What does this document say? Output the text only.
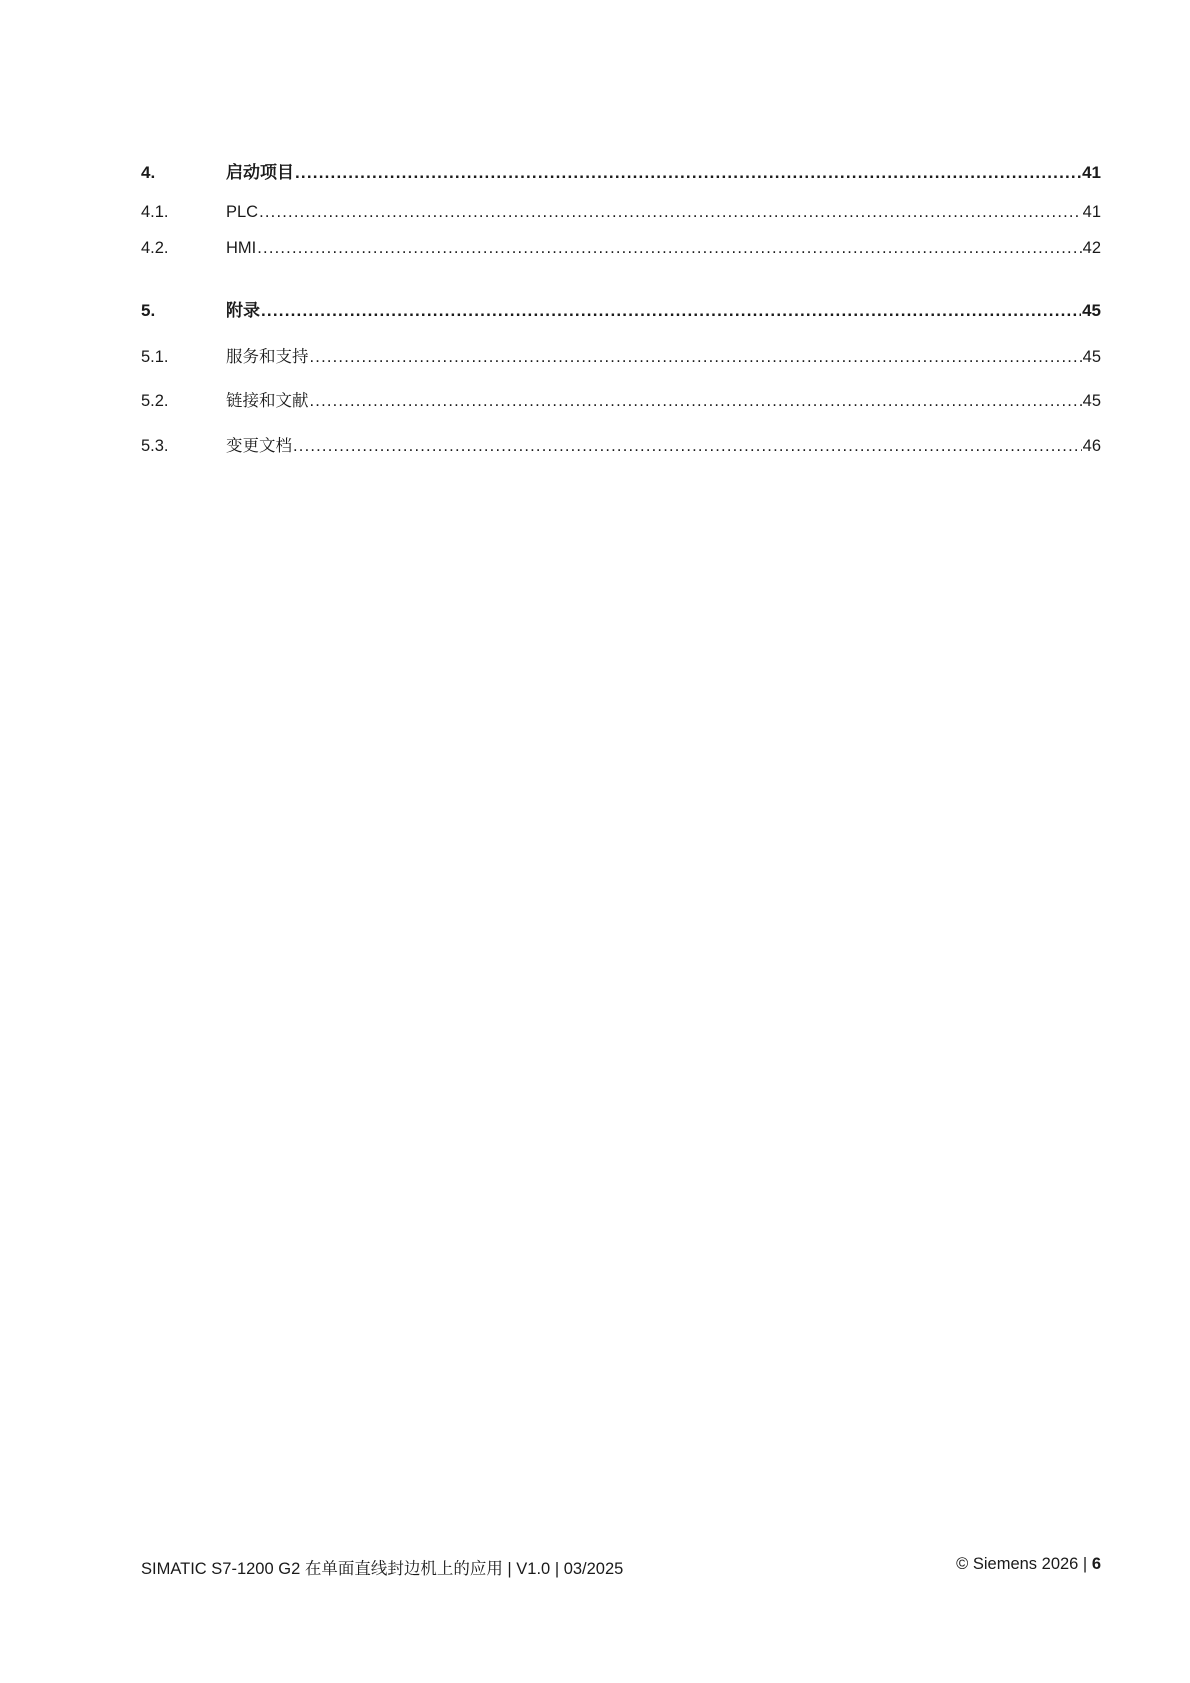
4.	启动项目 .....	41
4.1.	PLC .....	41
4.2.	HMI .....	42
5.	附录 .....	45
5.1.	服务和支持 .....	45
5.2.	链接和文献 .....	45
5.3.	变更文档 .....	46
SIMATIC S7-1200 G2 在单面直线封边机上的应用 | V1.0 | 03/2025	© Siemens 2026 | 6
